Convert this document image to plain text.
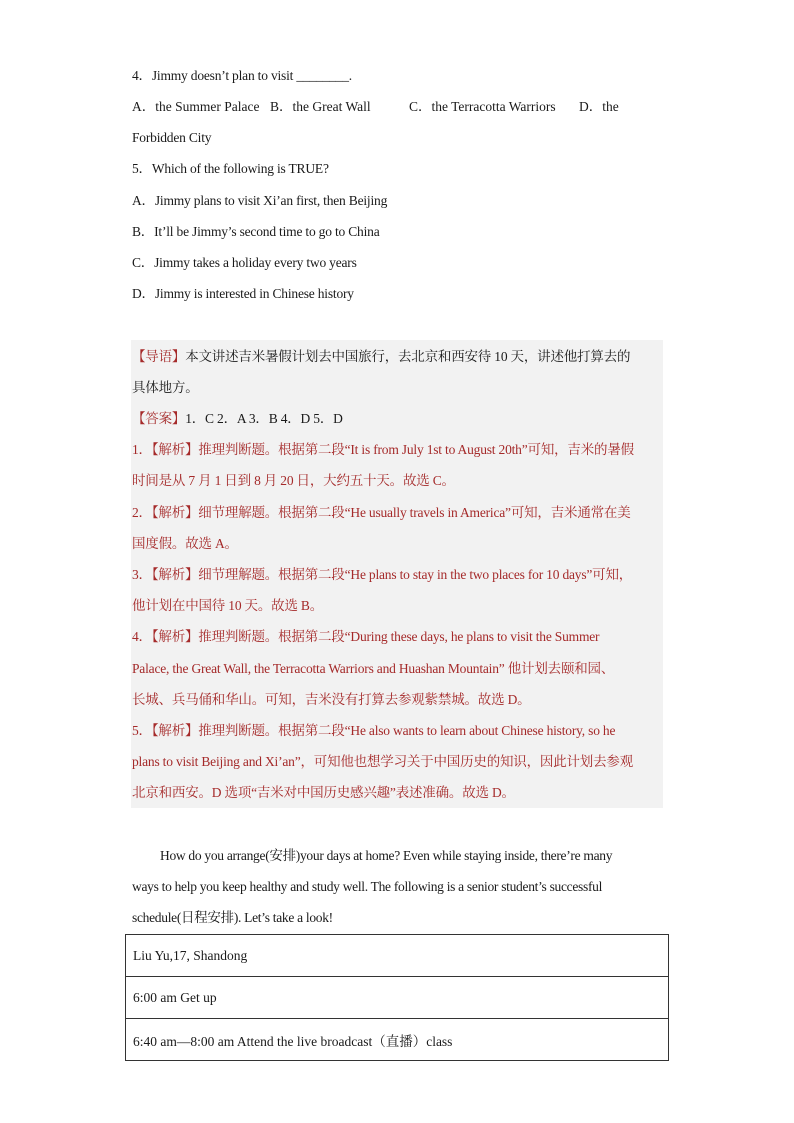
4．Jimmy doesn’t plan to visit ________.
A．the Summer Palace B．the Great Wall	C．the Terracotta Warriors D．the
Forbidden City
5．Which of the following is TRUE?
A．Jimmy plans to visit Xi’an first, then Beijing
B．It’ll be Jimmy’s second time to go to China
C．Jimmy takes a holiday every two years
D．Jimmy is interested in Chinese history
【导语】本文讲述吉米暑假计划去中国旅行，去北京和西安待 10 天，讲述他打算去的
具体地方。
【答案】1．C 2．A 3．B 4．D 5．D
1．【解析】推理判断题。根据第二段“It is from July 1st to August 20th”可知，吉米的暑假
时间是从 7 月 1 日到 8 月 20 日，大约五十天。故选 C。
2．【解析】细节理解题。根据第二段“He usually travels in America”可知，吉米通常在美
国度假。故选 A。
3．【解析】细节理解题。根据第二段“He plans to stay in the two places for 10 days”可知，
他计划在中国待 10 天。故选 B。
4．【解析】推理判断题。根据第二段“During these days, he plans to visit the Summer
Palace, the Great Wall, the Terracotta Warriors and Huashan Mountain” 他计划去颐和园、
长城、兵马俑和华山。可知，吉米没有打算去参观紫禁城。故选 D。
5．【解析】推理判断题。根据第二段“He also wants to learn about Chinese history, so he
plans to visit Beijing and Xi’an”，可知他也想学习关于中国历史的知识，因此计划去参观
北京和西安。D 选项“吉米对中国历史感兴趣”表述准确。故选 D。
How do you arrange(安排)your days at home? Even while staying inside, there’re many
ways to help you keep healthy and study well. The following is a senior student’s successful
schedule(日程安排). Let’s take a look!
Liu Yu,17, Shandong
6:00 am Get up
6:40 am—8:00 am Attend the live broadcast（直播）class
